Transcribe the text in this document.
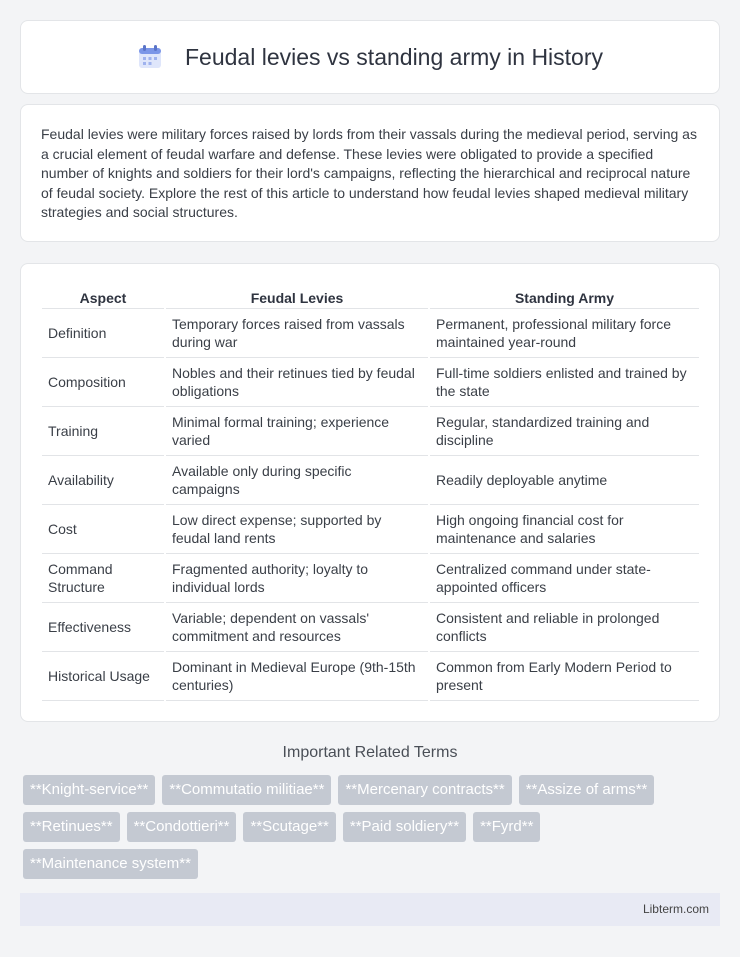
Feudal levies vs standing army in History

Feudal levies were military forces raised by lords from their vassals during the medieval period, serving as a crucial element of feudal warfare and defense. These levies were obligated to provide a specified number of knights and soldiers for their lord's campaigns, reflecting the hierarchical and reciprocal nature of feudal society. Explore the rest of this article to understand how feudal levies shaped medieval military strategies and social structures.

Aspect	Feudal Levies	Standing Army
Definition	Temporary forces raised from vassals during war	Permanent, professional military force maintained year-round
Composition	Nobles and their retinues tied by feudal obligations	Full-time soldiers enlisted and trained by the state
Training	Minimal formal training; experience varied	Regular, standardized training and discipline
Availability	Available only during specific campaigns	Readily deployable anytime
Cost	Low direct expense; supported by feudal land rents	High ongoing financial cost for maintenance and salaries
Command Structure	Fragmented authority; loyalty to individual lords	Centralized command under state-appointed officers
Effectiveness	Variable; dependent on vassals' commitment and resources	Consistent and reliable in prolonged conflicts
Historical Usage	Dominant in Medieval Europe (9th-15th centuries)	Common from Early Modern Period to present
Important Related Terms
**Knight-service**	**Commutatio militiae**	**Mercenary contracts**	**Assize of arms**
**Retinues**	**Condottieri**	**Scutage**	**Paid soldiery**	**Fyrd**
**Maintenance system**
Libterm.com
